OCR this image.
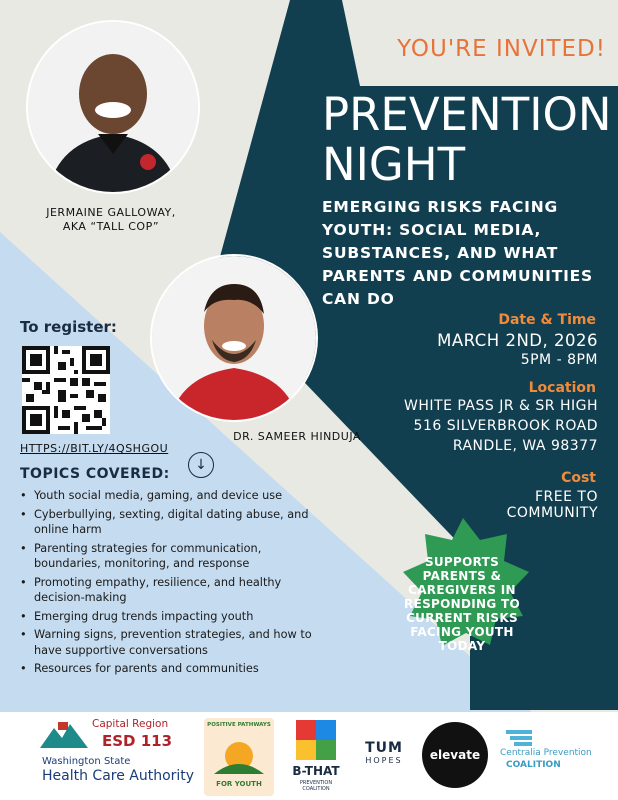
YOU'RE INVITED!
PREVENTION
NIGHT
EMERGING RISKS FACING YOUTH: SOCIAL MEDIA, SUBSTANCES, AND WHAT PARENTS AND COMMUNITIES CAN DO
JERMAINE GALLOWAY,
AKA “TALL COP”
DR. SAMEER HINDUJA
Date & Time
MARCH 2ND, 2026
5PM - 8PM
Location
WHITE PASS JR & SR HIGH
516 SILVERBROOK ROAD
RANDLE, WA 98377
Cost
FREE TO
COMMUNITY
To register:
HTTPS://BIT.LY/4QSHGOU
↓
TOPICS COVERED:
• Youth social media, gaming, and device use
• Cyberbullying, sexting, digital dating abuse, and online harm
• Parenting strategies for communication, boundaries, monitoring, and response
• Promoting empathy, resilience, and healthy decision-making
• Emerging drug trends impacting youth
• Warning signs, prevention strategies, and how to have supportive conversations
• Resources for parents and communities
SUPPORTS PARENTS & CAREGIVERS IN RESPONDING TO CURRENT RISKS FACING YOUTH TODAY
Capital Region
ESD 113
Washington State
Health Care Authority
POSITIVE PATHWAYS
FOR YOUTH
B-THAT
PREVENTION COALITION
TUM
HOPES	elevate Centralia Prevention
COALITION
